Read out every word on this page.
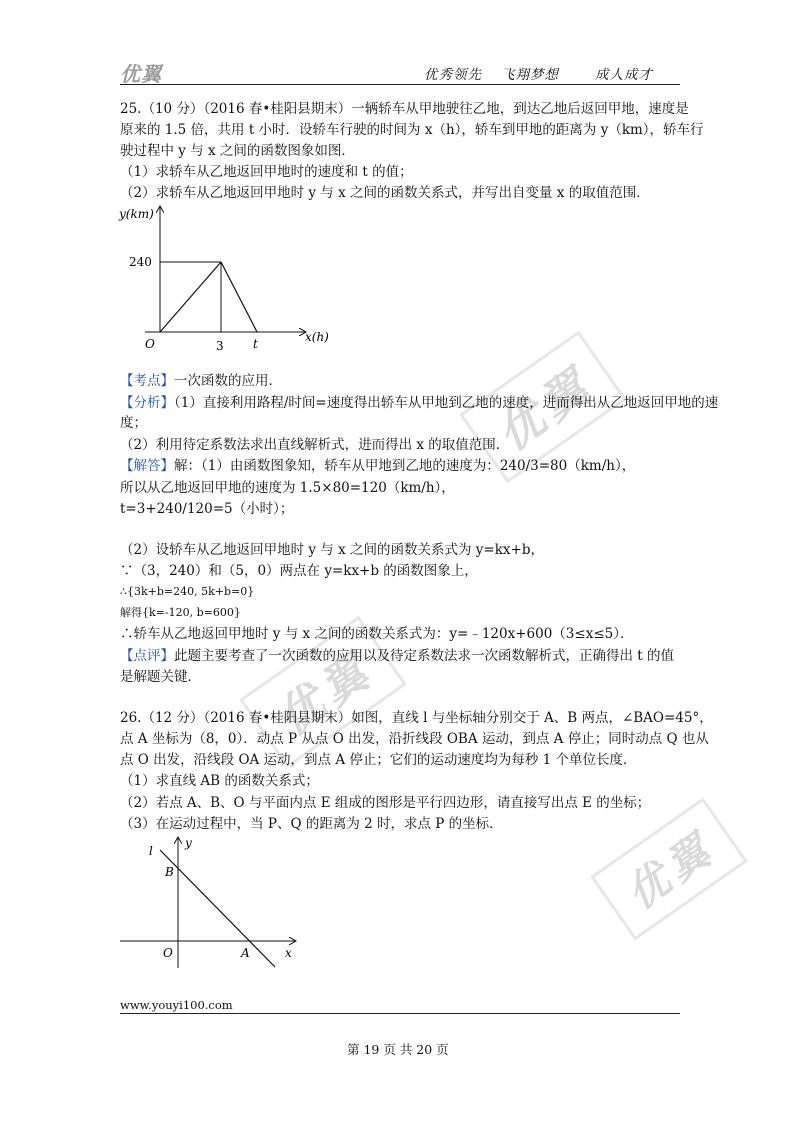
优翼	优秀领先 飞翔梦想	成人成才
优翼
优翼
优翼
25.（10 分）（2016 春•桂阳县期末）一辆轿车从甲地驶往乙地，到达乙地后返回甲地，速度是
原来的 1.5 倍，共用 t 小时．设轿车行驶的时间为 x（h），轿车到甲地的距离为 y（km），轿车行
驶过程中 y 与 x 之间的函数图象如图．
（1）求轿车从乙地返回甲地时的速度和 t 的值；
（2）求轿车从乙地返回甲地时 y 与 x 之间的函数关系式，并写出自变量 x 的取值范围．
y(km)
x(h)
240
3 t
O
【考点】一次函数的应用．
【分析】（1）直接利用路程/时间=速度得出轿车从甲地到乙地的速度，进而得出从乙地返回甲地的速
度；
（2）利用待定系数法求出直线解析式，进而得出 x 的取值范围．
【解答】解：（1）由函数图象知，轿车从甲地到乙地的速度为：240/3=80（km/h），
所以从乙地返回甲地的速度为 1.5×80=120（km/h），
t=3+240/120=5（小时）；
（2）设轿车从乙地返回甲地时 y 与 x 之间的函数关系式为 y=kx+b，
∵（3，240）和（5，0）两点在 y=kx+b 的函数图象上，
∴{3k+b=240, 5k+b=0}
解得{k=-120, b=600}
∴轿车从乙地返回甲地时 y 与 x 之间的函数关系式为：y=﹣120x+600（3≤x≤5）．
【点评】此题主要考查了一次函数的应用以及待定系数法求一次函数解析式，正确得出 t 的值
是解题关键．
26.（12 分）（2016 春•桂阳县期末）如图，直线 l 与坐标轴分别交于 A、B 两点，∠BAO=45°，
点 A 坐标为（8，0）．动点 P 从点 O 出发，沿折线段 OBA 运动，到点 A 停止；同时动点 Q 也从
点 O 出发，沿线段 OA 运动，到点 A 停止；它们的运动速度均为每秒 1 个单位长度．
（1）求直线 AB 的函数关系式；
（2）若点 A、B、O 与平面内点 E 组成的图形是平行四边形，请直接写出点 E 的坐标；
（3）在运动过程中，当 P、Q 的距离为 2 时，求点 P 的坐标．
l
y
x
B
O	A
www.youyi100.com
第 19 页 共 20 页
